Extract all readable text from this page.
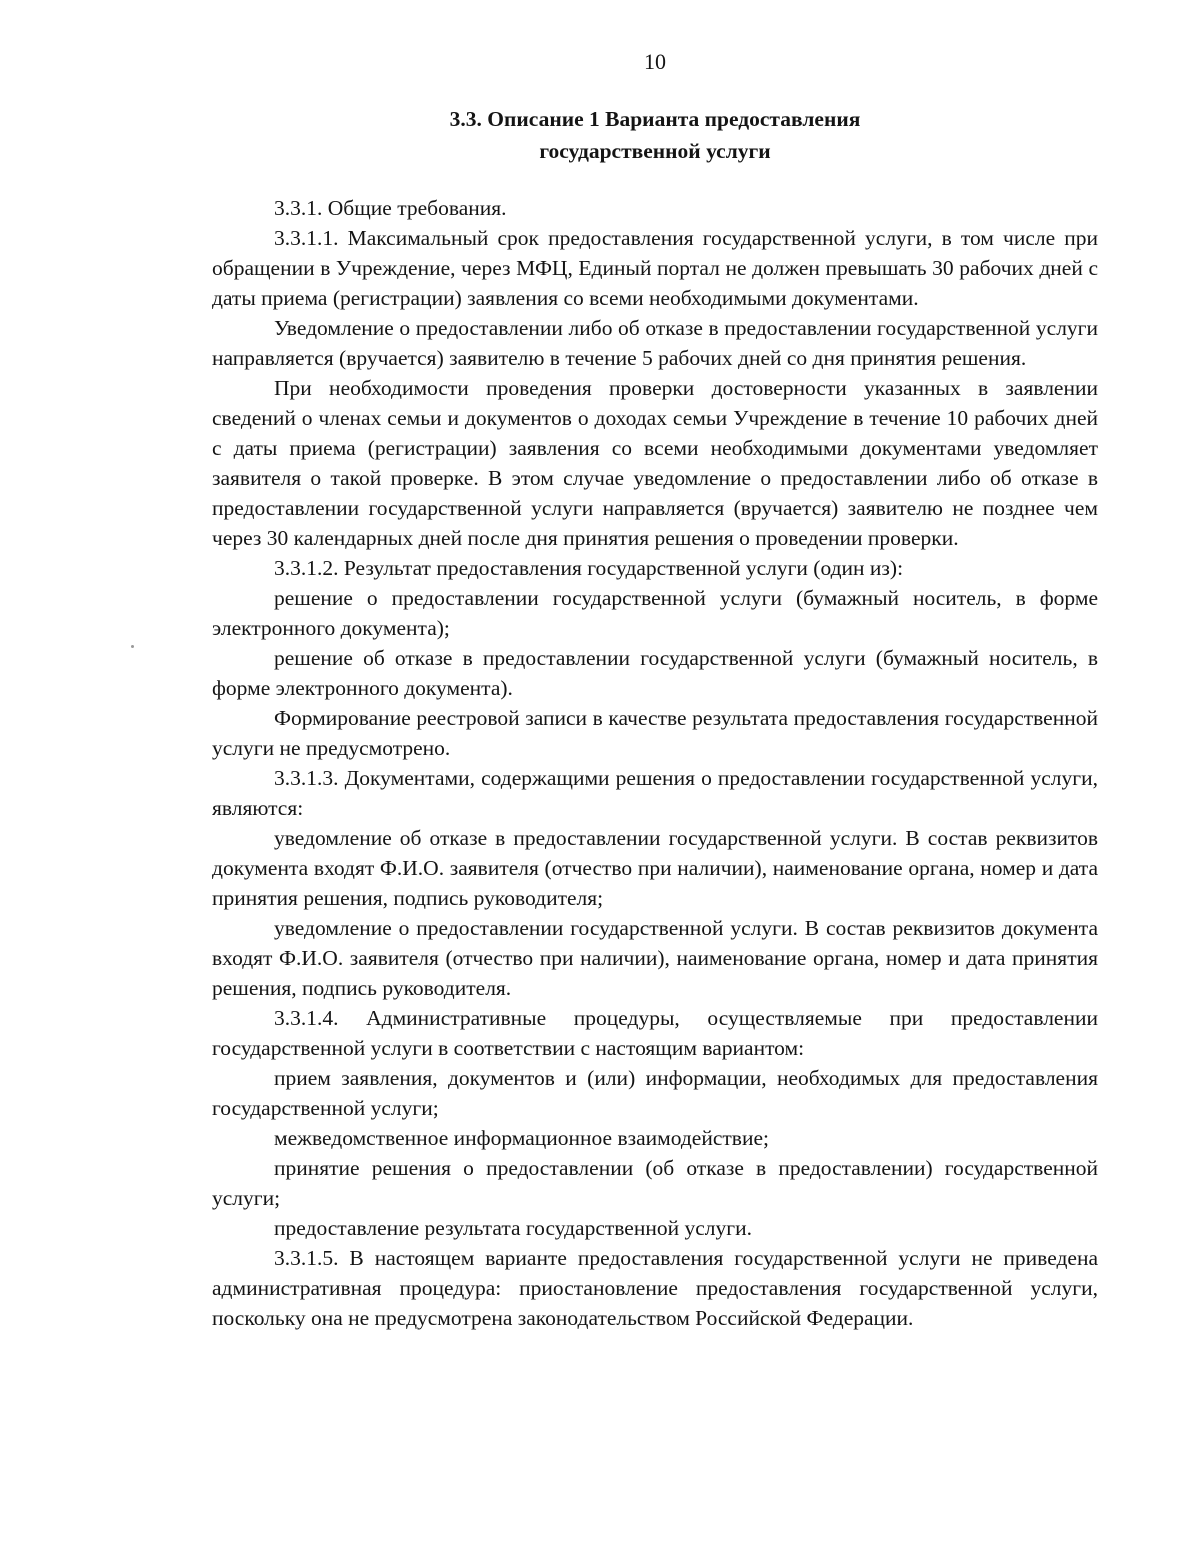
10
3.3. Описание 1 Варианта предоставления
государственной услуги

3.3.1. Общие требования.

3.3.1.1. Максимальный срок предоставления государственной услуги, в том числе при обращении в Учреждение, через МФЦ, Единый портал не должен превышать 30 рабочих дней с даты приема (регистрации) заявления со всеми необходимыми документами.

Уведомление о предоставлении либо об отказе в предоставлении государственной услуги направляется (вручается) заявителю в течение 5 рабочих дней со дня принятия решения.

При необходимости проведения проверки достоверности указанных в заявлении сведений о членах семьи и документов о доходах семьи Учреждение в течение 10 рабочих дней с даты приема (регистрации) заявления со всеми необходимыми документами уведомляет заявителя о такой проверке. В этом случае уведомление о предоставлении либо об отказе в предоставлении государственной услуги направляется (вручается) заявителю не позднее чем через 30 календарных дней после дня принятия решения о проведении проверки.

3.3.1.2. Результат предоставления государственной услуги (один из):

решение о предоставлении государственной услуги (бумажный носитель, в форме электронного документа);

решение об отказе в предоставлении государственной услуги (бумажный носитель, в форме электронного документа).

Формирование реестровой записи в качестве результата предоставления государственной услуги не предусмотрено.

3.3.1.3. Документами, содержащими решения о предоставлении государственной услуги, являются:

уведомление об отказе в предоставлении государственной услуги. В состав реквизитов документа входят Ф.И.О. заявителя (отчество при наличии), наименование органа, номер и дата принятия решения, подпись руководителя;

уведомление о предоставлении государственной услуги. В состав реквизитов документа входят Ф.И.О. заявителя (отчество при наличии), наименование органа, номер и дата принятия решения, подпись руководителя.

3.3.1.4. Административные процедуры, осуществляемые при предоставлении государственной услуги в соответствии с настоящим вариантом:

прием заявления, документов и (или) информации, необходимых для предоставления государственной услуги;

межведомственное информационное взаимодействие;

принятие решения о предоставлении (об отказе в предоставлении) государственной услуги;

предоставление результата государственной услуги.

3.3.1.5. В настоящем варианте предоставления государственной услуги не приведена административная процедура: приостановление предоставления государственной услуги, поскольку она не предусмотрена законодательством Российской Федерации.
